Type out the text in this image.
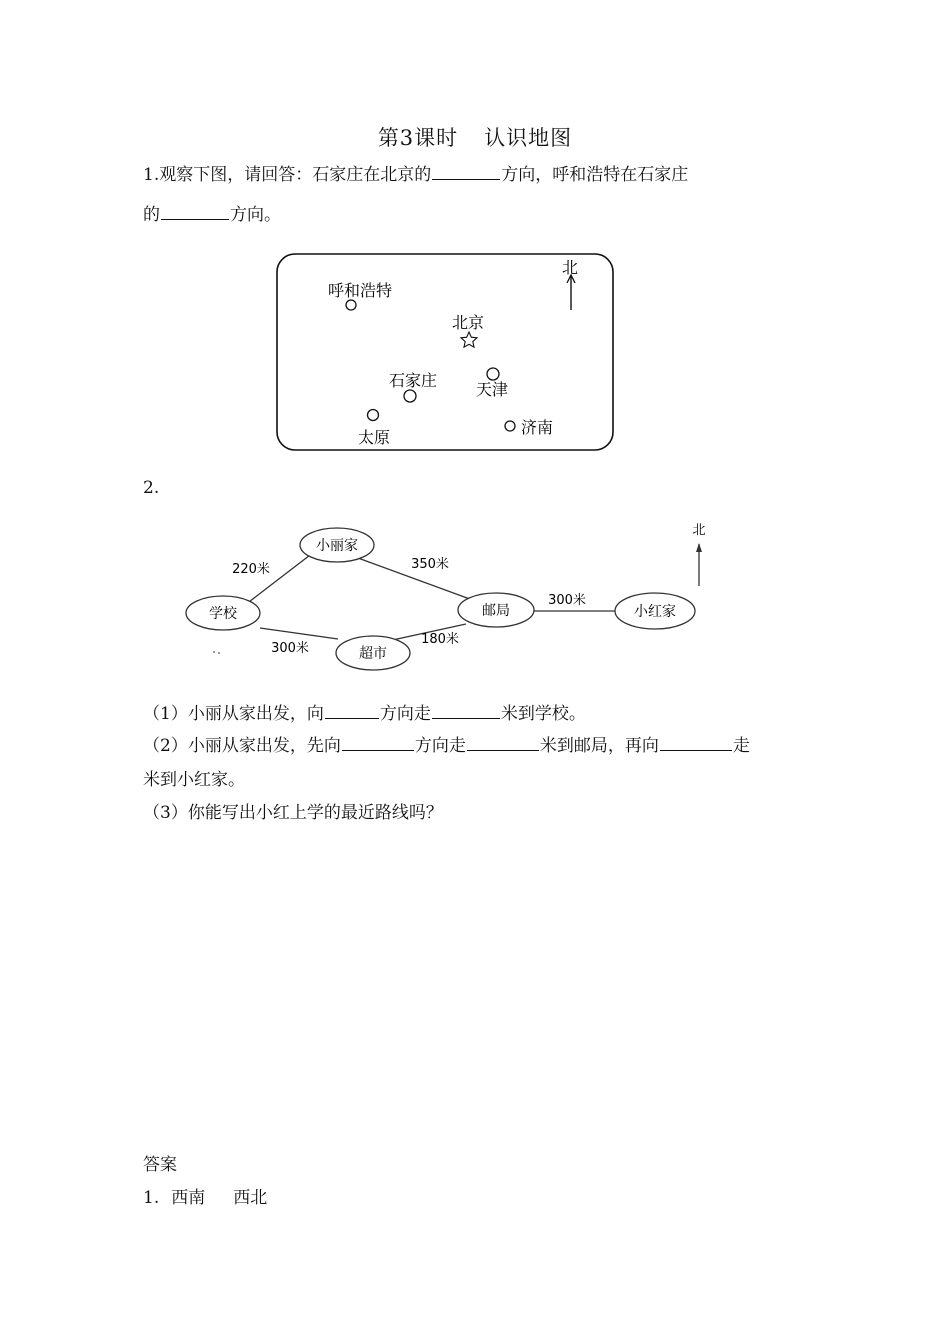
第3课时 认识地图
1.观察下图，请回答：石家庄在北京的	方向，呼和浩特在石家庄
的	方向。
北
呼和浩特
北京
石家庄 天津
太原
济南
2.
小丽家
学校	邮局
超市
小红家
220米	350米
300米
300米
180米
北
（1）小丽从家出发，向	方向走	米到学校。
（2）小丽从家出发，先向	方向走	米到邮局，再向	走
米到小红家。
（3）你能写出小红上学的最近路线吗？
答案
1. 西南 西北
